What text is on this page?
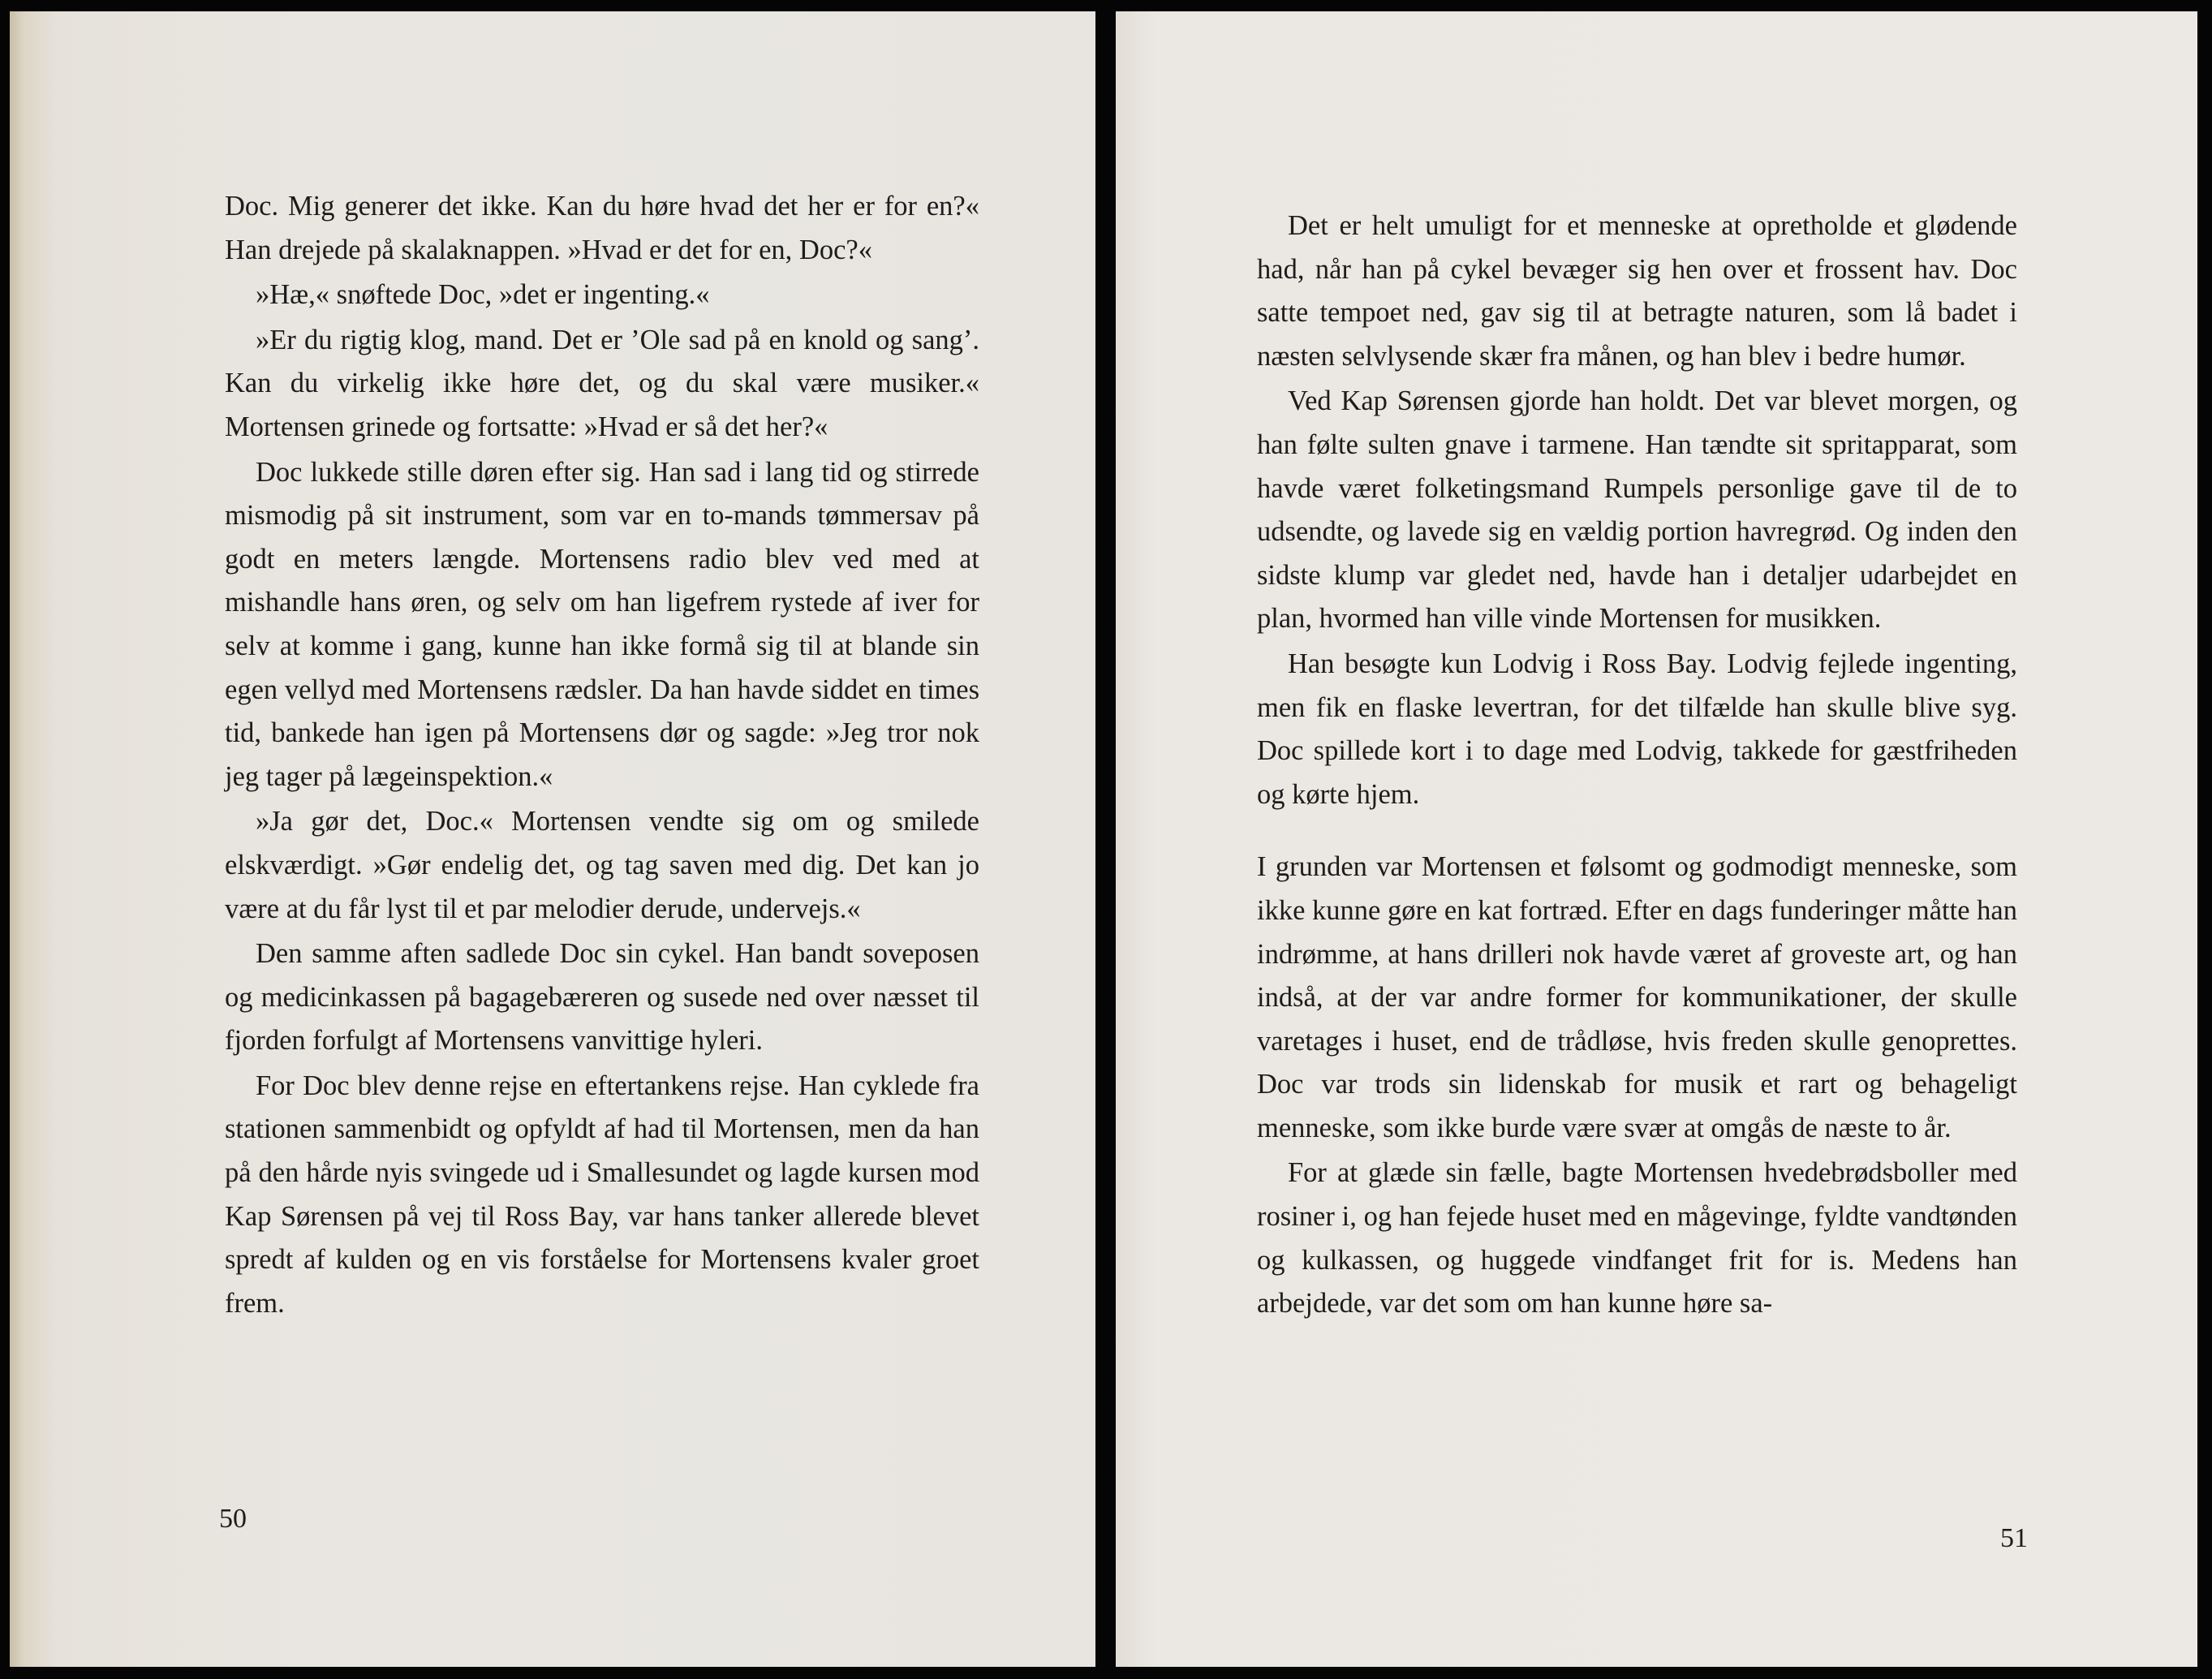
Doc. Mig generer det ikke. Kan du høre hvad det her er for en?« Han drejede på skalaknappen. »Hvad er det for en, Doc?«

»Hæ,« snøftede Doc, »det er ingenting.«

»Er du rigtig klog, mand. Det er ’Ole sad på en knold og sang’. Kan du virkelig ikke høre det, og du skal være musiker.« Mortensen grinede og fortsatte: »Hvad er så det her?«

Doc lukkede stille døren efter sig. Han sad i lang tid og stirrede mismodig på sit instrument, som var en to-mands tømmersav på godt en meters længde. Mortensens radio blev ved med at mishandle hans øren, og selv om han ligefrem rystede af iver for selv at komme i gang, kunne han ikke formå sig til at blande sin egen vellyd med Mortensens rædsler. Da han havde siddet en times tid, bankede han igen på Mortensens dør og sagde: »Jeg tror nok jeg tager på lægeinspektion.«

»Ja gør det, Doc.« Mortensen vendte sig om og smilede elskværdigt. »Gør endelig det, og tag saven med dig. Det kan jo være at du får lyst til et par melodier derude, undervejs.«

Den samme aften sadlede Doc sin cykel. Han bandt soveposen og medicinkassen på bagagebæreren og susede ned over næsset til fjorden forfulgt af Mortensens vanvittige hyleri.

For Doc blev denne rejse en eftertankens rejse. Han cyklede fra stationen sammenbidt og opfyldt af had til Mortensen, men da han på den hårde nyis svingede ud i Smallesundet og lagde kursen mod Kap Sørensen på vej til Ross Bay, var hans tanker allerede blevet spredt af kulden og en vis forståelse for Mortensens kvaler groet frem.

50

Det er helt umuligt for et menneske at opretholde et glødende had, når han på cykel bevæger sig hen over et frossent hav. Doc satte tempoet ned, gav sig til at betragte naturen, som lå badet i næsten selvlysende skær fra månen, og han blev i bedre humør.

Ved Kap Sørensen gjorde han holdt. Det var blevet morgen, og han følte sulten gnave i tarmene. Han tændte sit spritapparat, som havde været folketingsmand Rumpels personlige gave til de to udsendte, og lavede sig en vældig portion havregrød. Og inden den sidste klump var gledet ned, havde han i detaljer udarbejdet en plan, hvormed han ville vinde Mortensen for musikken.

Han besøgte kun Lodvig i Ross Bay. Lodvig fejlede ingenting, men fik en flaske levertran, for det tilfælde han skulle blive syg. Doc spillede kort i to dage med Lodvig, takkede for gæstfriheden og kørte hjem.

I grunden var Mortensen et følsomt og godmodigt menneske, som ikke kunne gøre en kat fortræd. Efter en dags funderinger måtte han indrømme, at hans drilleri nok havde været af groveste art, og han indså, at der var andre former for kommunikationer, der skulle varetages i huset, end de trådløse, hvis freden skulle genoprettes. Doc var trods sin lidenskab for musik et rart og behageligt menneske, som ikke burde være svær at omgås de næste to år.

For at glæde sin fælle, bagte Mortensen hvedebrødsboller med rosiner i, og han fejede huset med en mågevinge, fyldte vandtønden og kulkassen, og huggede vindfanget frit for is. Medens han arbejdede, var det som om han kunne høre sa-

51
